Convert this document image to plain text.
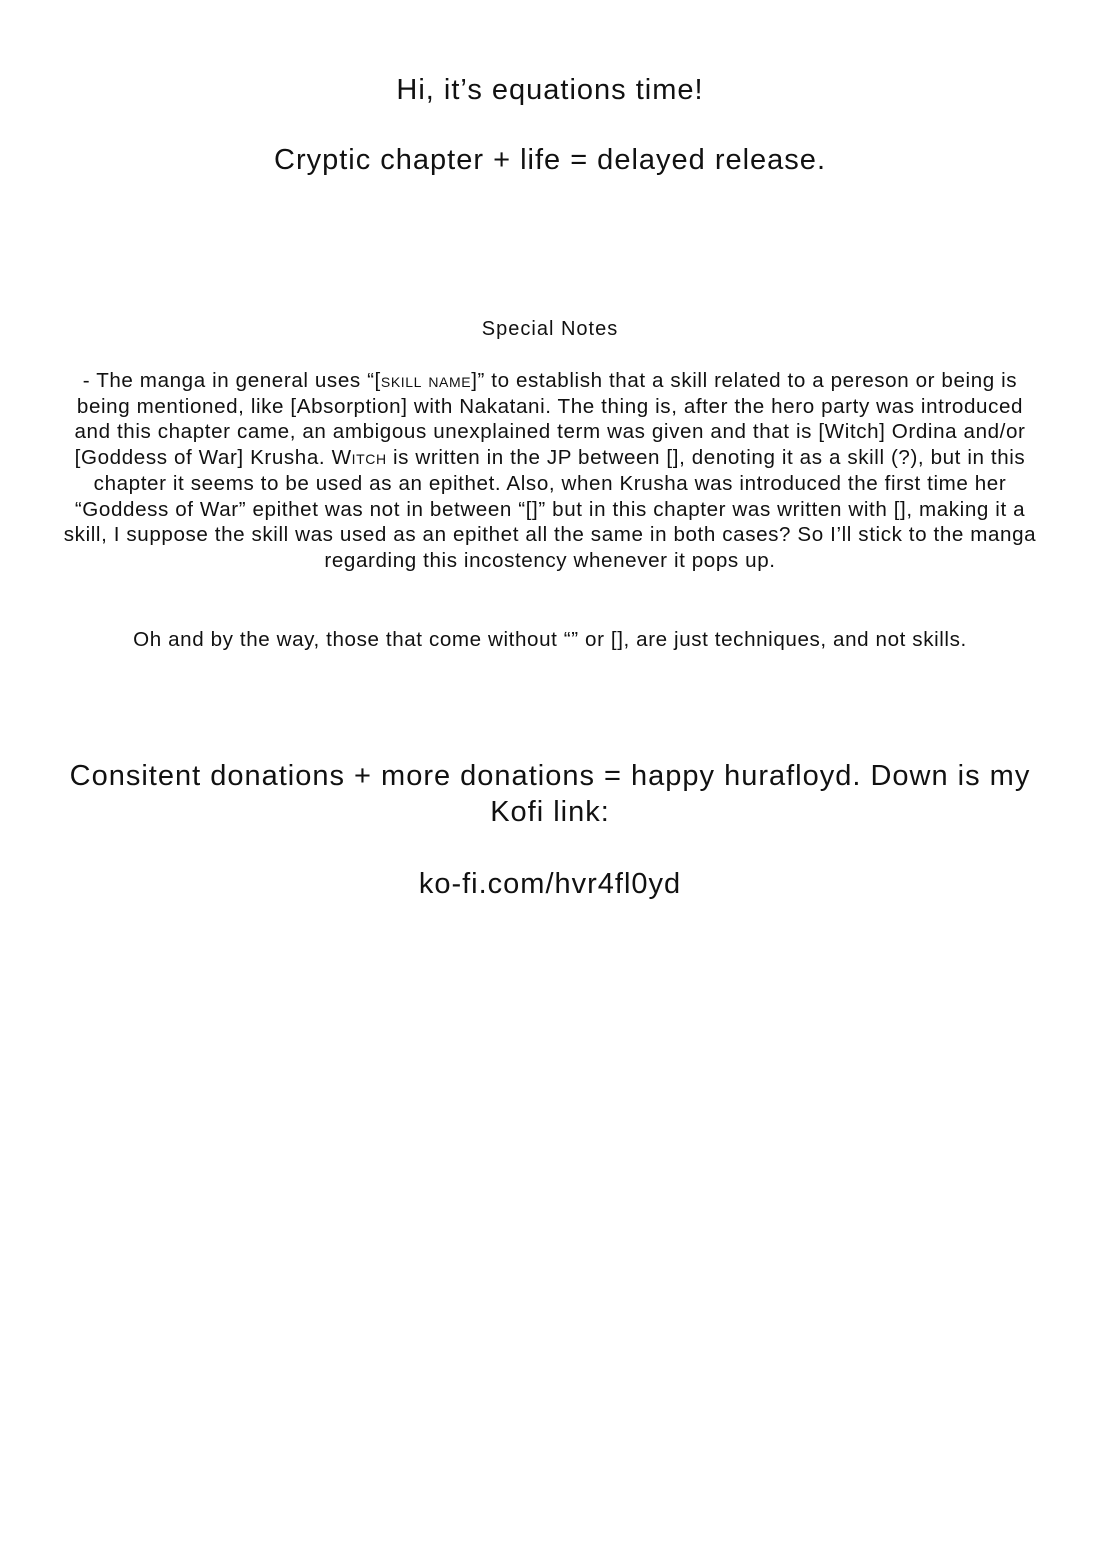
Hi, it’s equations time!

Cryptic chapter + life = delayed release.

Special Notes

- The manga in general uses “[skill name]” to establish that a skill related to a pereson or being is being mentioned, like [Absorption] with Nakatani. The thing is, after the hero party was introduced and this chapter came, an ambigous unexplained term was given and that is [Witch] Ordina and/or [Goddess of War] Krusha. Witch is written in the JP between [], denoting it as a skill (?), but in this chapter it seems to be used as an epithet. Also, when Krusha was introduced the first time her “Goddess of War” epithet was not in between “[]” but in this chapter was written with [], making it a skill, I suppose the skill was used as an epithet all the same in both cases? So I’ll stick to the manga regarding this incostency whenever it pops up.

Oh and by the way, those that come without “” or [], are just techniques, and not skills.

Consitent donations + more donations = happy hurafloyd. Down is my Kofi link:

ko-fi.com/hvr4fl0yd
